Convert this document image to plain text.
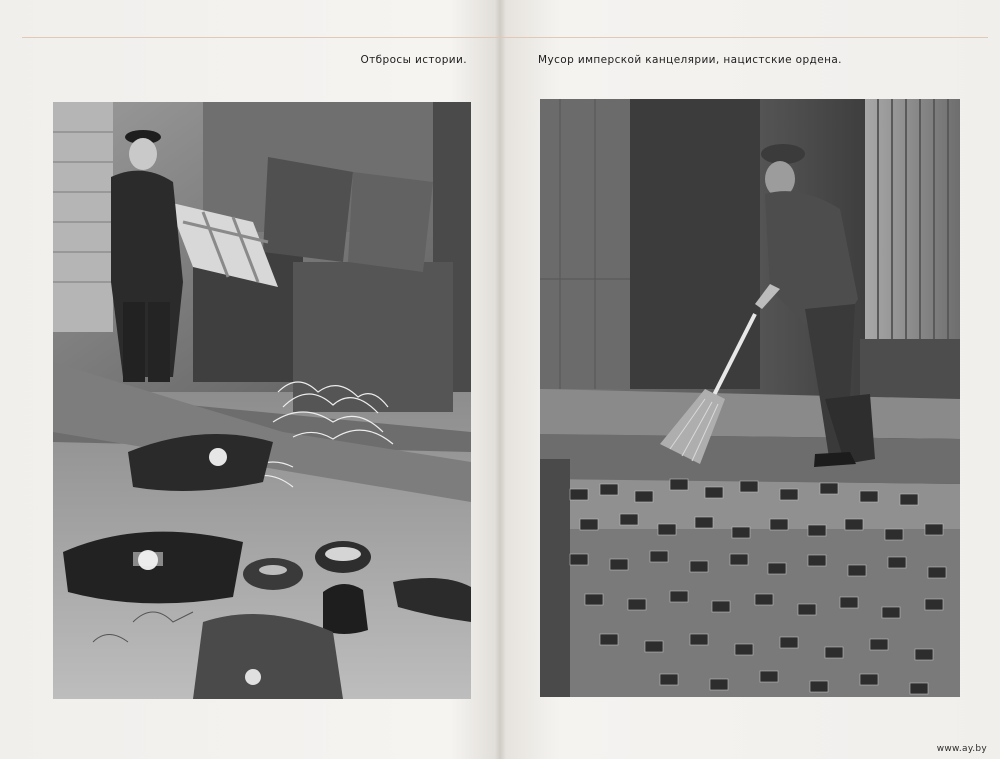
Отбросы истории.	Мусор имперской канцелярии, нацистские ордена.
www.ay.by
